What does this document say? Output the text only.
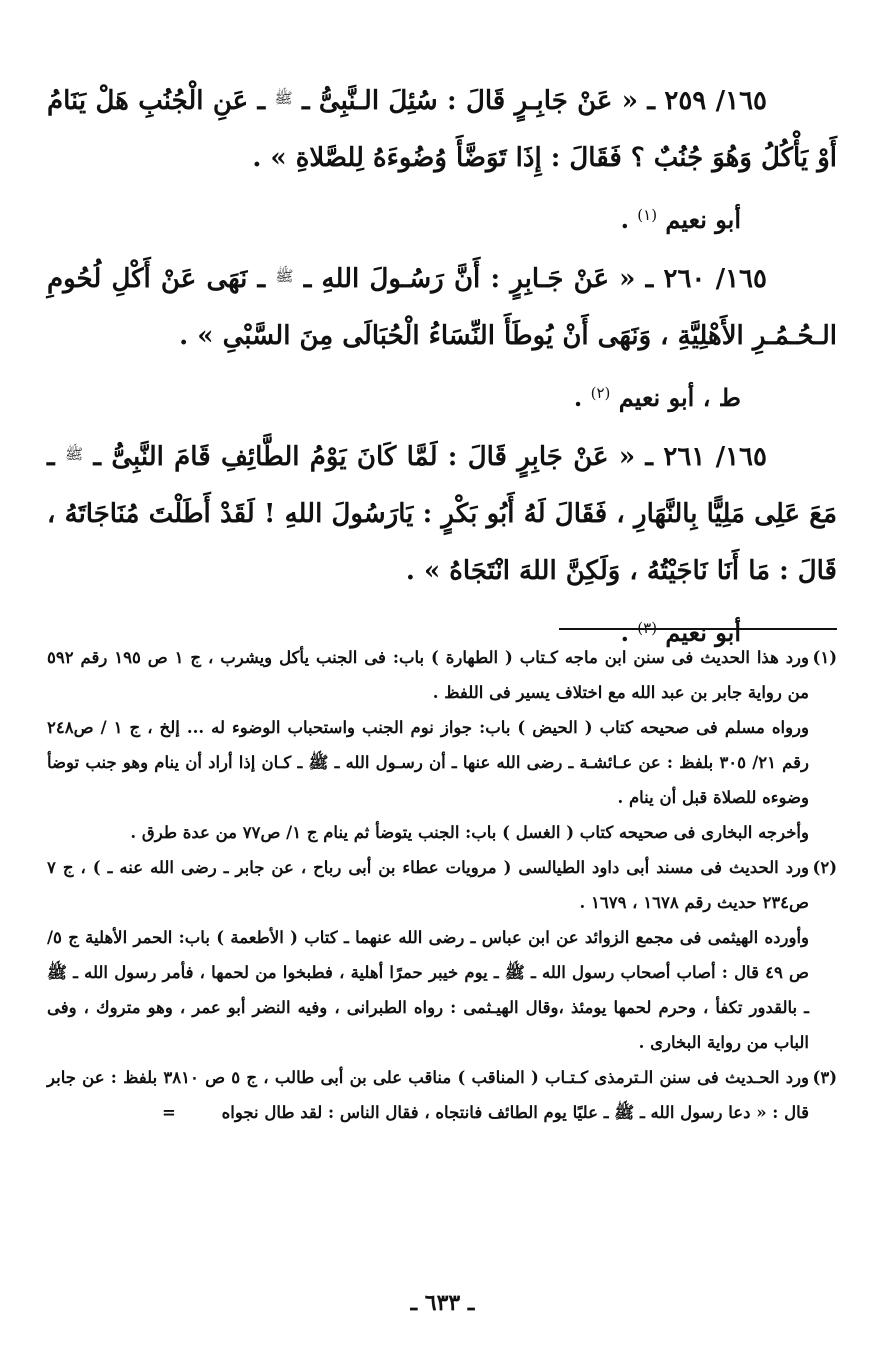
١٦٥/ ٢٥٩ ـ « عَنْ جَابِـرٍ قَالَ : سُئِلَ الـنَّبِىُّ ـ $^ﷺ$ ـ عَنِ الْجُنُبِ هَلْ يَنَامُ أَوْ يَأْكُلُ وَهُوَ جُنُبٌ ؟ فَقَالَ : إِذَا تَوَضَّأَ وُضُوءَهُ لِلصَّلاةِ » .

أبو نعيم $^{(١)}$ .

١٦٥/ ٢٦٠ ـ « عَنْ جَـابِرٍ : أَنَّ رَسُـولَ اللهِ ـ $^ﷺ$ ـ نَهَى عَنْ أَكْلِ لُحُومِ الـحُـمُـرِ الأَهْلِيَّةِ ، وَنَهَى أَنْ يُوطَأَ النِّسَاءُ الْحُبَالَى مِنَ السَّبْىِ » .

ط ، أبو نعيم $^{(٢)}$ .

١٦٥/ ٢٦١ ـ « عَنْ جَابِرٍ قَالَ : لَمَّا كَانَ يَوْمُ الطَّائِفِ قَامَ النَّبِىُّ ـ $^ﷺ$ ـ مَعَ عَلِى مَلِيًّا بِالنَّهَارِ ، فَقَالَ لَهُ أَبُو بَكْرٍ : يَارَسُولَ اللهِ ! لَقَدْ أَطَلْتَ مُنَاجَاتَهُ ، قَالَ : مَا أَنَا نَاجَيْتُهُ ، وَلَكِنَّ اللهَ انْتَجَاهُ » .

أبو نعيم $^{(٣)}$ .

(١)
ورد هذا الحديث فى سنن ابن ماجه كـتاب ( الطهارة ) باب: فى الجنب يأكل ويشرب ، ج ١ ص ١٩٥ رقم ٥٩٢ من رواية جابر بن عبد الله مع اختلاف يسير فى اللفظ .

ورواه مسلم فى صحيحه كتاب ( الحيض ) باب: جواز نوم الجنب واستحباب الوضوء له ... إلخ ، ج ١ / ص٢٤٨ رقم ٢١/ ٣٠٥ بلفظ : عن عـائشـة ـ رضى الله عنها ـ أن رسـول الله ـ ﷺ ـ كـان إذا أراد أن ينام وهو جنب توضأ وضوءه للصلاة قبل أن ينام .

وأخرجه البخارى فى صحيحه كتاب ( الغسل ) باب: الجنب يتوضأ ثم ينام ج ١/ ص٧٧ من عدة طرق .

(٢)
ورد الحديث فى مسند أبى داود الطيالسى ( مرويات عطاء بن أبى رباح ، عن جابر ـ رضى الله عنه ـ ) ، ج ٧ ص٢٣٤ حديث رقم ١٦٧٨ ، ١٦٧٩ .

وأورده الهيثمى فى مجمع الزوائد عن ابن عباس ـ رضى الله عنهما ـ كتاب ( الأطعمة ) باب: الحمر الأهلية ج ٥/ ص ٤٩ قال : أصاب أصحاب رسول الله ـ ﷺ ـ يوم خيبر حمرًا أهلية ، فطبخوا من لحمها ، فأمر رسول الله ـ ﷺ ـ بالقدور تكفأ ، وحرم لحمها يومئذ ،وقال الهيـثمى : رواه الطبرانى ، وفيه النضر أبو عمر ، وهو متروك ، وفى الباب من رواية البخارى .

(٣)
ورد الحـديث فى سنن الـترمذى كـتـاب ( المناقب ) مناقب على بن أبى طالب ، ج ٥ ص ٣٨١٠ بلفظ : عن جابر قال : « دعا رسول الله ـ ﷺ ـ عليًا يوم الطائف فانتجاه ، فقال الناس : لقد طال نجواه =

ـ ٦٣٣ ـ
